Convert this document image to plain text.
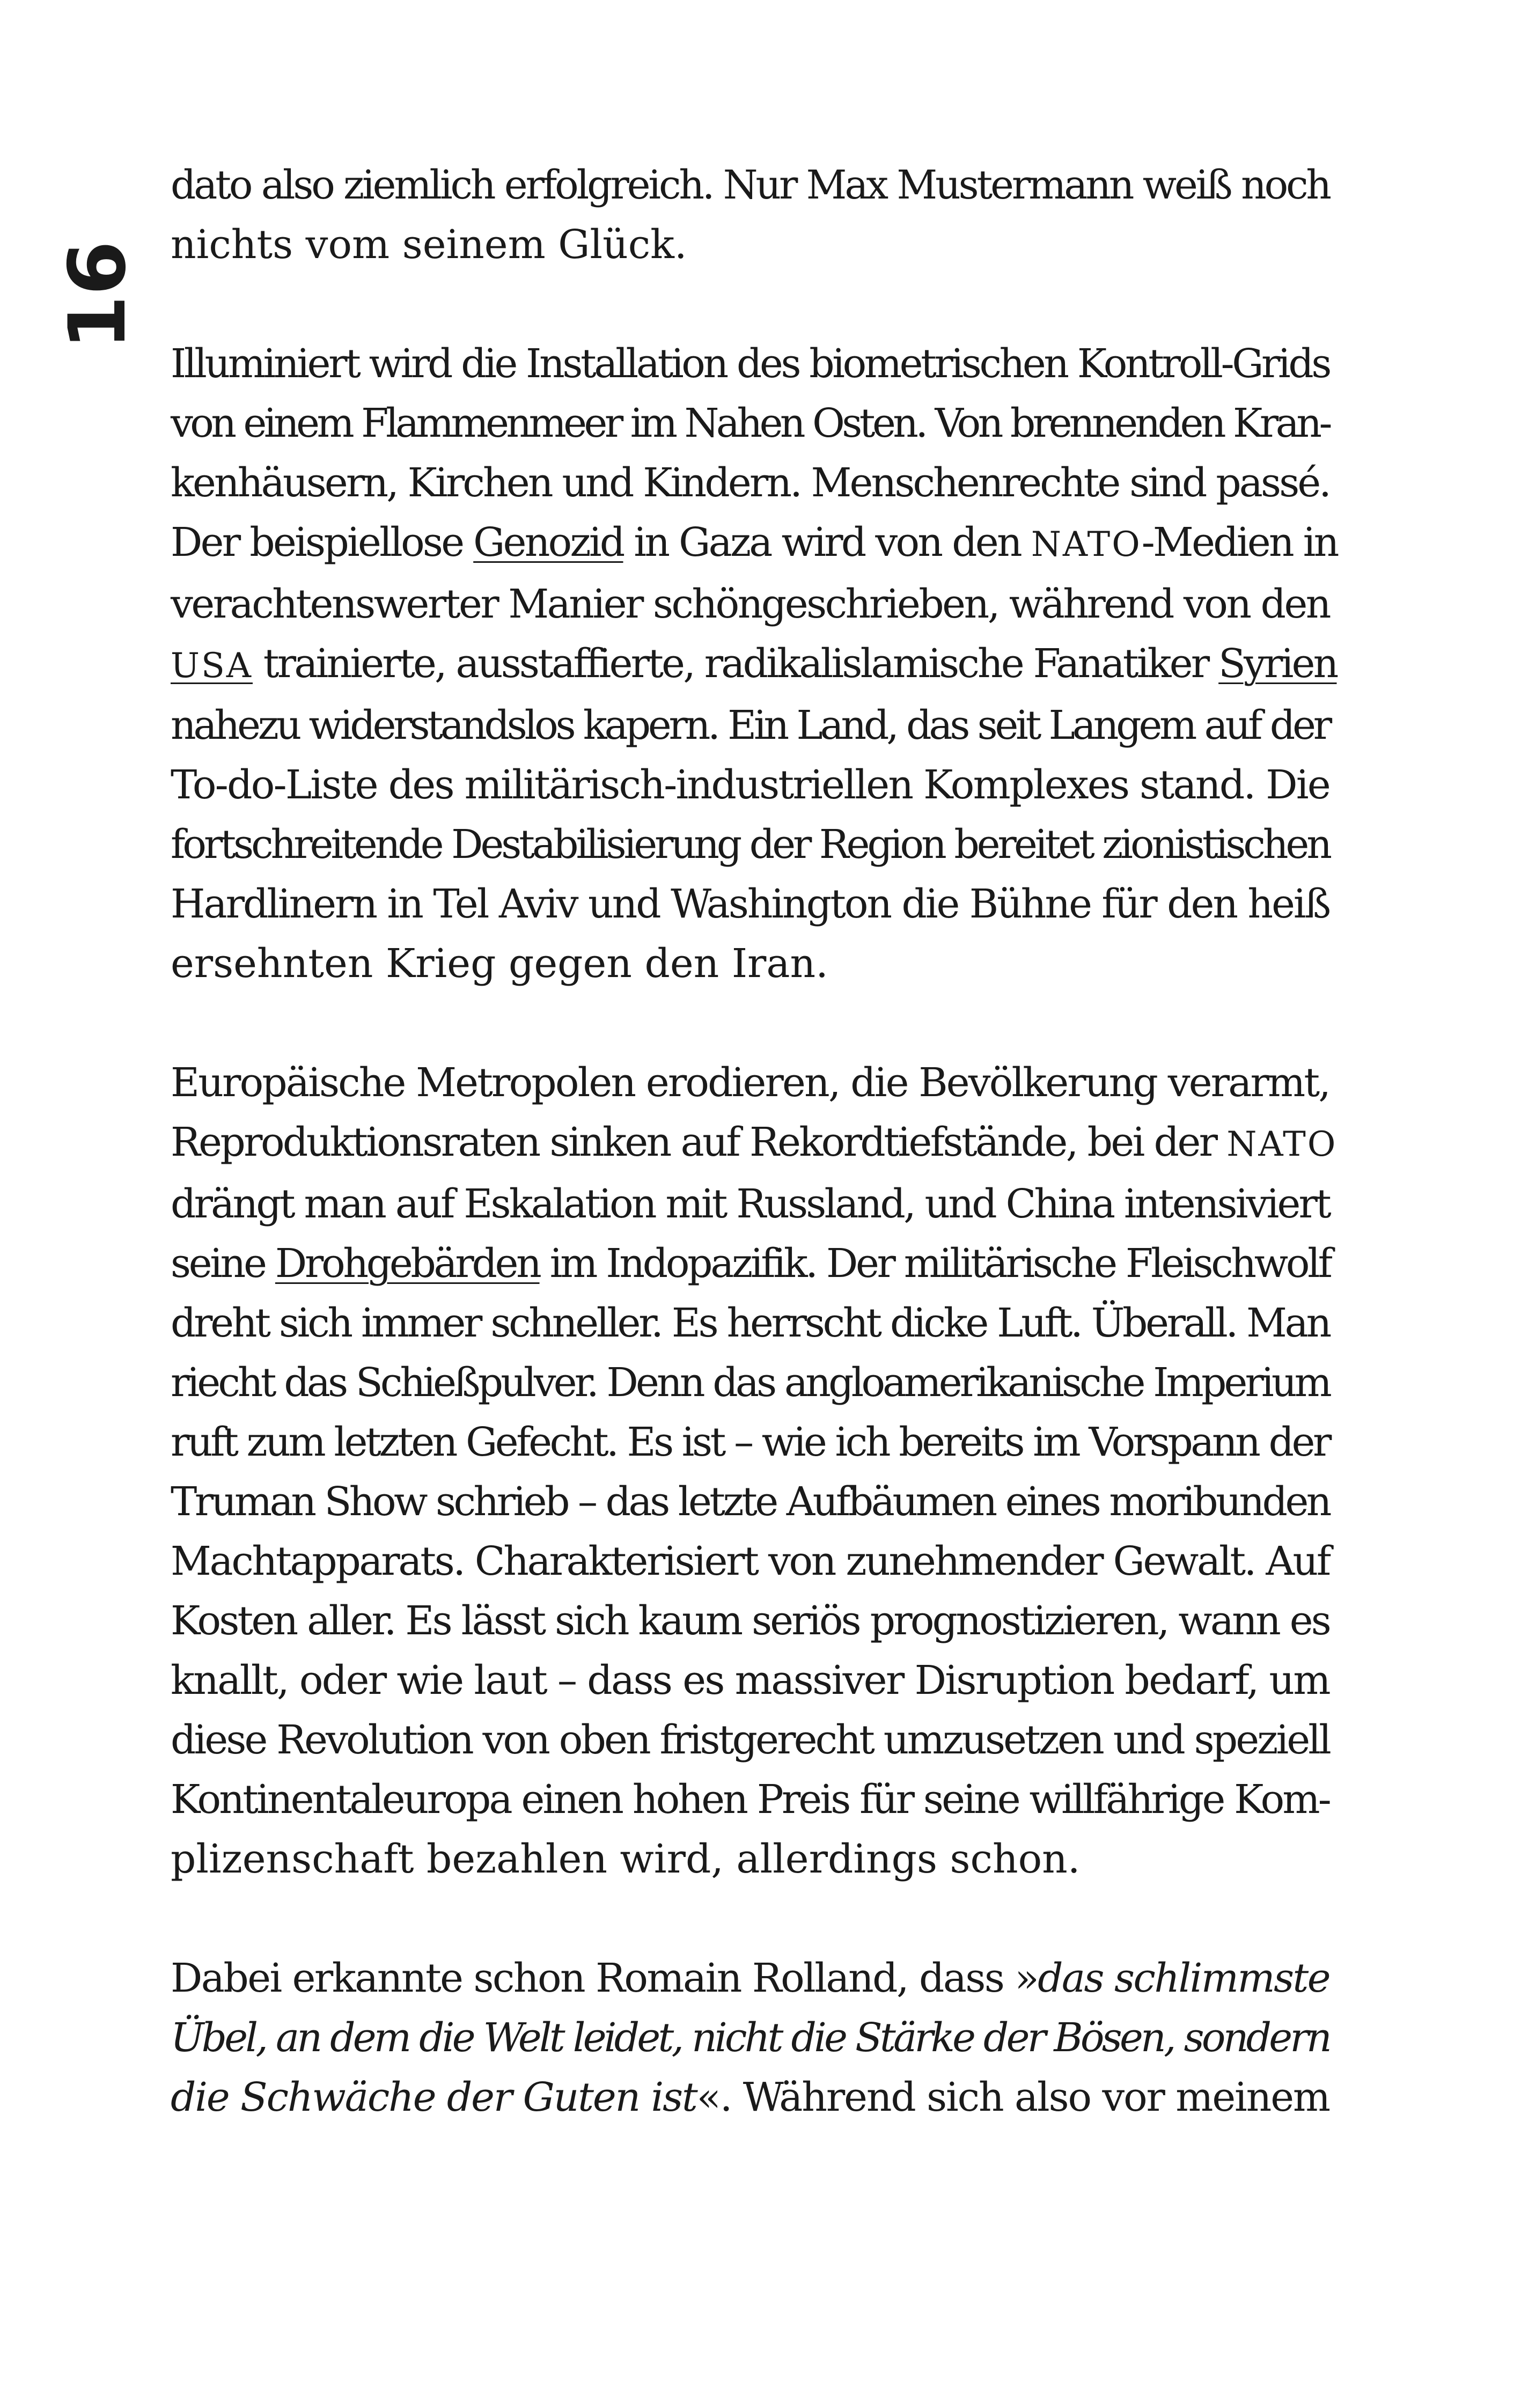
16

dato also ziemlich erfolgreich. Nur Max Mustermann weiß noch
nichts vom seinem Glück.

Illuminiert wird die Installation des biometrischen Kontroll-Grids
von einem Flammenmeer im Nahen Osten. Von brennenden Kran-
kenhäusern, Kirchen und Kindern. Menschenrechte sind passé.
Der beispiellose Genozid in Gaza wird von den NATO-Medien in
verachtenswerter Manier schöngeschrieben, während von den
USA trainierte, ausstaffierte, radikalislamische Fanatiker Syrien
nahezu widerstandslos kapern. Ein Land, das seit Langem auf der
To-do-Liste des militärisch-industriellen Komplexes stand. Die
fortschreitende Destabilisierung der Region bereitet zionistischen
Hardlinern in Tel Aviv und Washington die Bühne für den heiß
ersehnten Krieg gegen den Iran.

Europäische Metropolen erodieren, die Bevölkerung verarmt,
Reproduktionsraten sinken auf Rekordtiefstände, bei der NATO
drängt man auf Eskalation mit Russland, und China intensiviert
seine Drohgebärden im Indopazifik. Der militärische Fleischwolf
dreht sich immer schneller. Es herrscht dicke Luft. Überall. Man
riecht das Schießpulver. Denn das angloamerikanische Imperium
ruft zum letzten Gefecht. Es ist – wie ich bereits im Vorspann der
Truman Show schrieb – das letzte Aufbäumen eines moribunden
Machtapparats. Charakterisiert von zunehmender Gewalt. Auf
Kosten aller. Es lässt sich kaum seriös prognostizieren, wann es
knallt, oder wie laut – dass es massiver Disruption bedarf, um
diese Revolution von oben fristgerecht umzusetzen und speziell
Kontinentaleuropa einen hohen Preis für seine willfährige Kom-
plizenschaft bezahlen wird, allerdings schon.

Dabei erkannte schon Romain Rolland, dass »das schlimmste
Übel, an dem die Welt leidet, nicht die Stärke der Bösen, sondern
die Schwäche der Guten ist«. Während sich also vor meinem
